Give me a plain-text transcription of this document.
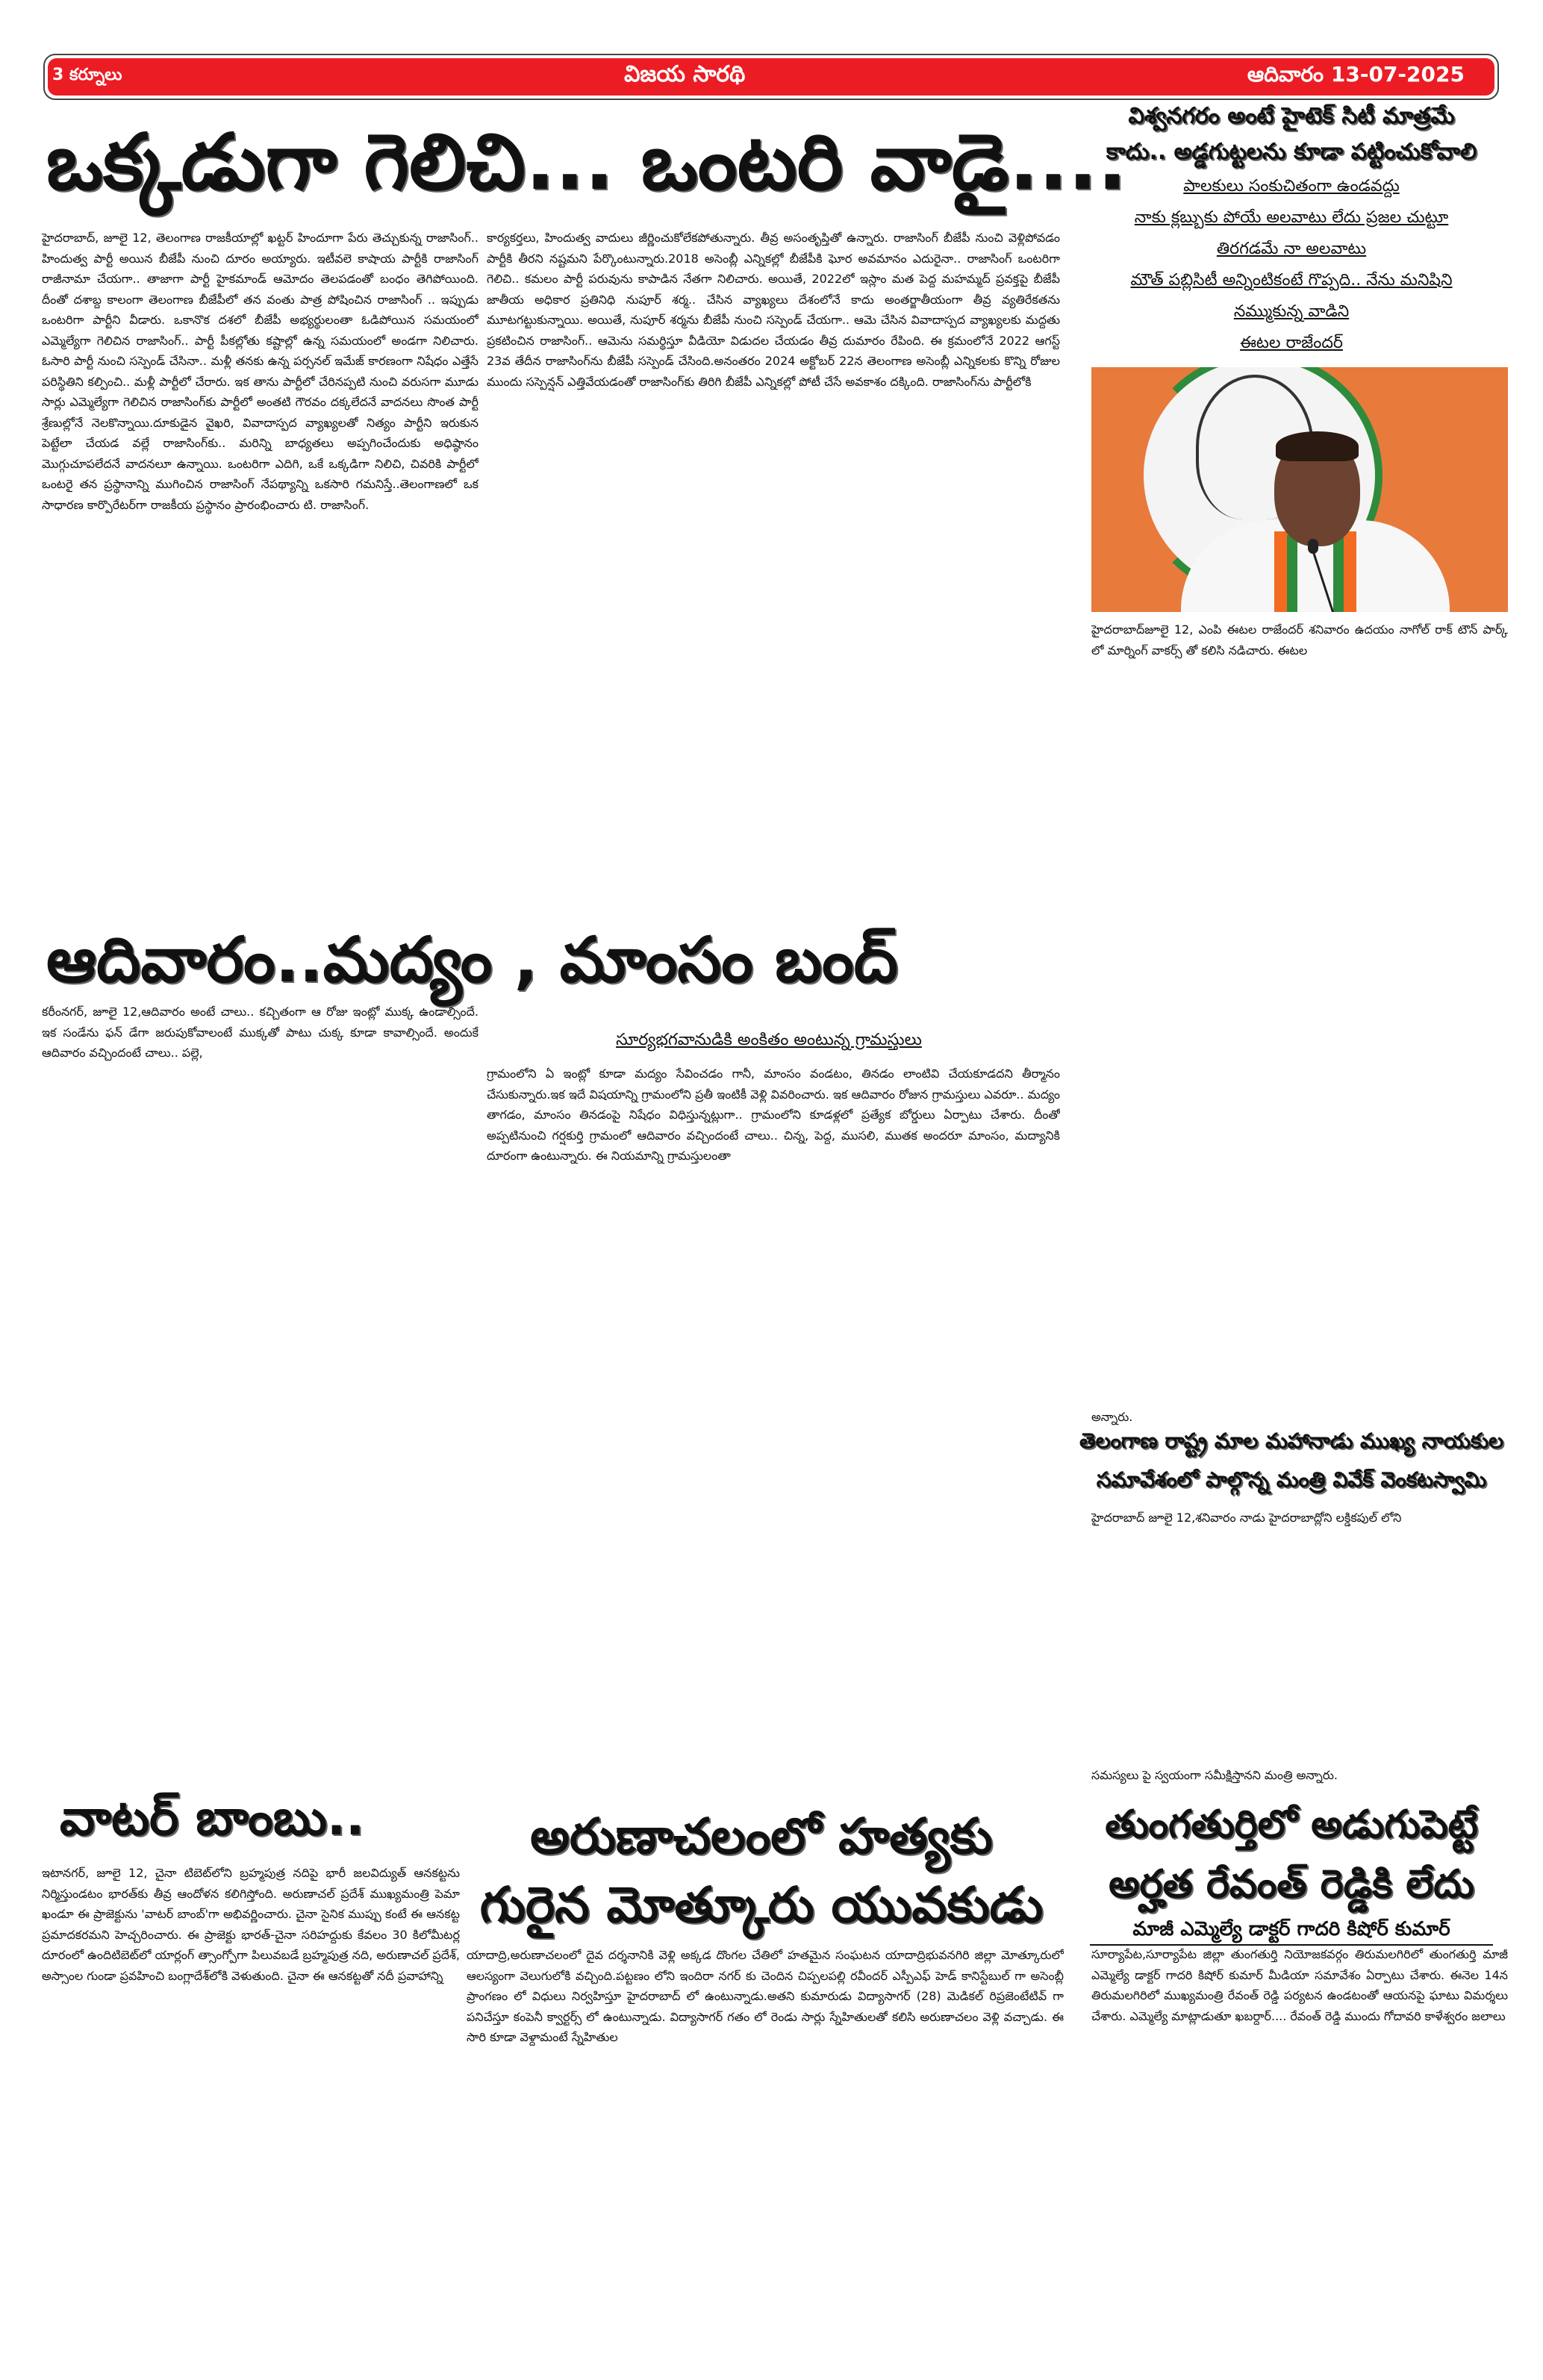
3 కర్నూలు	విజయ సారథి	ఆదివారం 13-07-2025
ఒక్కడుగా గెలిచి... ఒంటరి వాడై....

హైదరాబాద్, జూలై 12, తెలంగాణ రాజకీయాల్లో ఖట్టర్ హిందూగా పేరు తెచ్చుకున్న రాజాసింగ్.. హిందుత్వ పార్టీ అయిన బీజేపీ నుంచి దూరం అయ్యారు. ఇటీవలె కాషాయ పార్టీకి రాజాసింగ్ రాజీనామా చేయగా.. తాజాగా పార్టీ హైకమాండ్ ఆమోదం తెలపడంతో బంధం తెగిపోయింది. దీంతో దశాబ్ద కాలంగా తెలంగాణ బీజేపీలో తన వంతు పాత్ర పోషించిన రాజాసింగ్ .. ఇప్పుడు ఒంటరిగా పార్టీని వీడారు. ఒకానొక దశలో బీజేపీ అభ్యర్థులంతా ఓడిపోయిన సమయంలో ఎమ్మెల్యేగా గెలిచిన రాజాసింగ్.. పార్టీ పీకల్లోతు కష్టాల్లో ఉన్న సమయంలో అండగా నిలిచారు. ఓసారి పార్టీ నుంచి సస్పెండ్ చేసినా.. మళ్లీ తనకు ఉన్న పర్సనల్ ఇమేజ్ కారణంగా నిషేధం ఎత్తేసే పరిస్థితిని కల్పించి.. మళ్లీ పార్టీలో చేరారు. ఇక తాను పార్టీలో చేరినప్పటి నుంచి వరుసగా మూడు సార్లు ఎమ్మెల్యేగా గెలిచిన రాజాసింగ్‌కు పార్టీలో అంతటి గౌరవం దక్కలేదనే వాదనలు సొంత పార్టీ శ్రేణుల్లోనే నెలకొన్నాయి.దూకుడైన వైఖరి, వివాదాస్పద వ్యాఖ్యలతో నిత్యం పార్టీని ఇరుకున పెట్టేలా చేయడ వల్లే రాజాసింగ్‌కు.. మరిన్ని బాధ్యతలు అప్పగించేందుకు అధిష్ఠానం మొగ్గుచూపలేదనే వాదనలూ ఉన్నాయి. ఒంటరిగా ఎదిగి, ఒకే ఒక్కడిగా నిలిచి, చివరికి పార్టీలో ఒంటరై తన ప్రస్థానాన్ని ముగించిన రాజాసింగ్ నేపథ్యాన్ని ఒకసారి గమనిస్తే..తెలంగాణలో ఒక సాధారణ కార్పొరేటర్‌గా రాజకీయ ప్రస్థానం ప్రారంభించారు టి. రాజాసింగ్.

కార్యకర్తలు, హిందుత్వ వాదులు జీర్ణించుకోలేకపోతున్నారు. తీవ్ర అసంతృప్తితో ఉన్నారు. రాజాసింగ్ బీజేపీ నుంచి వెళ్లిపోవడం పార్టీకి తీరని నష్టమని పేర్కొంటున్నారు.2018 అసెంబ్లీ ఎన్నికల్లో బీజేపీకి ఘోర అవమానం ఎదురైనా.. రాజాసింగ్ ఒంటరిగా గెలిచి.. కమలం పార్టీ పరువును కాపాడిన నేతగా నిలిచారు. అయితే, 2022లో ఇస్లాం మత పెద్ద మహమ్మద్ ప్రవక్తపై బీజేపీ జాతీయ అధికార ప్రతినిధి నుపూర్ శర్మ.. చేసిన వ్యాఖ్యలు దేశంలోనే కాదు అంతర్జాతీయంగా తీవ్ర వ్యతిరేకతను మూటగట్టుకున్నాయి. అయితే, నుపూర్ శర్మను బీజేపీ నుంచి సస్పెండ్ చేయగా.. ఆమె చేసిన వివాదాస్పద వ్యాఖ్యలకు మద్దతు ప్రకటించిన రాజాసింగ్.. ఆమెను సమర్థిస్తూ వీడియో విడుదల చేయడం తీవ్ర దుమారం రేపింది. ఈ క్రమంలోనే 2022 ఆగస్ట్ 23వ తేదీన రాజాసింగ్‌ను బీజేపీ సస్పెండ్ చేసింది.అనంతరం 2024 అక్టోబర్ 22న తెలంగాణ అసెంబ్లీ ఎన్నికలకు కొన్ని రోజుల ముందు సస్పెన్షన్ ఎత్తివేయడంతో రాజాసింగ్‌కు తిరిగి బీజేపీ ఎన్నికల్లో పోటీ చేసే అవకాశం దక్కింది. రాజాసింగ్‌ను పార్టీలోకి

ఆదివారం..మద్యం , మాంసం బంద్

కరీంనగర్, జూలై 12,ఆదివారం అంటే చాలు.. కచ్చితంగా ఆ రోజు ఇంట్లో ముక్క ఉండాల్సిందే. ఇక సండేను ఫన్ డేగా జరుపుకోవాలంటే ముక్కతో పాటు చుక్క కూడా కావాల్సిందే. అందుకే ఆదివారం వచ్చిందంటే చాలు.. పల్లె,

సూర్యభగవానుడికి అంకితం అంటున్న గ్రామస్తులు

గ్రామంలోని ఏ ఇంట్లో కూడా మద్యం సేవించడం గానీ, మాంసం వండటం, తినడం లాంటివి చేయకూడదని తీర్మానం చేసుకున్నారు.ఇక ఇదే విషయాన్ని గ్రామంలోని ప్రతీ ఇంటికీ వెళ్లి వివరించారు. ఇక ఆదివారం రోజున గ్రామస్తులు ఎవరూ.. మద్యం తాగడం, మాంసం తినడంపై నిషేధం విధిస్తున్నట్లుగా.. గ్రామంలోని కూడళ్లలో ప్రత్యేక బోర్డులు ఏర్పాటు చేశారు. దీంతో అప్పటినుంచి గర్షకుర్తి గ్రామంలో ఆదివారం వచ్చిందంటే చాలు.. చిన్న, పెద్ద, ముసలి, ముతక అందరూ మాంసం, మద్యానికి దూరంగా ఉంటున్నారు. ఈ నియమాన్ని గ్రామస్తులంతా

వాటర్ బాంబు..

ఇటానగర్, జూలై 12, చైనా టిబెట్‌లోని బ్రహ్మపుత్ర నదిపై భారీ జలవిద్యుత్ ఆనకట్టను నిర్మిస్తుండటం భారత్‌కు తీవ్ర ఆందోళన కలిగిస్తోంది. అరుణాచల్ ప్రదేశ్ ముఖ్యమంత్రి పెమా ఖండూ ఈ ప్రాజెక్టును 'వాటర్ బాంబ్'గా అభివర్ణించారు. చైనా సైనిక ముప్పు కంటే ఈ ఆనకట్ట ప్రమాదకరమని హెచ్చరించారు. ఈ ప్రాజెక్టు భారత్-చైనా సరిహద్దుకు కేవలం 30 కిలోమీటర్ల దూరంలో ఉందిటిబెట్‌లో యార్లంగ్ త్సాంగ్పోగా పిలువబడే బ్రహ్మపుత్ర నది, అరుణాచల్ ప్రదేశ్, అస్సాంల గుండా ప్రవహించి బంగ్లాదేశ్‌లోకి వెళుతుంది. చైనా ఈ ఆనకట్టతో నదీ ప్రవాహాన్ని

అరుణాచలంలో హత్యకు
గురైన మోత్కూరు యువకుడు

యాదాద్రి,అరుణాచలంలో దైవ దర్శనానికి వెళ్లి అక్కడ దొంగల చేతిలో హతమైన సంఘటన యాదాద్రిభువనగిరి జిల్లా మోత్కూరులో ఆలస్యంగా వెలుగులోకి వచ్చింది.పట్టణం లోని ఇందిరా నగర్ కు చెందిన చిప్పలపల్లి రవీందర్ ఎస్పీఎఫ్ హెడ్ కానిస్టేబుల్ గా అసెంబ్లీ ప్రాంగణం లో విధులు నిర్వహిస్తూ హైదరాబాద్ లో ఉంటున్నాడు.అతని కుమారుడు విద్యాసాగర్ (28) మెడికల్ రిప్రజెంటేటివ్ గా పనిచేస్తూ కంపెనీ క్వార్టర్స్ లో ఉంటున్నాడు. విద్యాసాగర్ గతం లో రెండు సార్లు స్నేహితులతో కలిసి అరుణాచలం వెళ్లి వచ్చాడు. ఈ సారి కూడా వెళ్దామంటే స్నేహితుల

విశ్వనగరం అంటే హైటెక్ సిటీ మాత్రమే
కాదు.. అడ్డగుట్టలను కూడా పట్టించుకోవాలి
పాలకులు సంకుచితంగా ఉండవద్దు
నాకు క్లబ్బుకు పోయే అలవాటు లేదు ప్రజల చుట్టూ
తిరగడమే నా అలవాటు
మౌత్ పబ్లిసిటీ అన్నింటికంటే గొప్పది.. నేను మనిషిని
నమ్ముకున్న వాడిని
ఈటల రాజేందర్

హైదరాబాద్‌జూలై 12, ఎంపి ఈటల రాజేందర్ శనివారం ఉదయం నాగోల్ రాక్ టౌన్ పార్క్ లో మార్నింగ్ వాకర్స్ తో కలిసి నడిచారు. ఈటల

అన్నారు.

తెలంగాణ రాష్ట్ర మాల మహానాడు ముఖ్య నాయకుల
సమావేశంలో పాల్గొన్న మంత్రి వివేక్ వెంకటస్వామి

హైదరాబాద్ జూలై 12,శనివారం నాడు హైదరాబాద్లోని లక్డికపుల్ లోని

సమస్యలు పై స్వయంగా సమీక్షిస్తానని మంత్రి అన్నారు.

తుంగతుర్తిలో అడుగుపెట్టే
అర్హత రేవంత్ రెడ్డికి లేదు
మాజీ ఎమ్మెల్యే డాక్టర్ గాదరి కిషోర్ కుమార్

సూర్యాపేట,సూర్యాపేట జిల్లా తుంగతుర్తి నియోజకవర్గం తిరుమలగిరిలో తుంగతుర్తి మాజీ ఎమ్మెల్యే డాక్టర్ గాదరి కిషోర్ కుమార్ మీడియా సమావేశం ఏర్పాటు చేశారు. ఈనెల 14న తిరుమలగిరిలో ముఖ్యమంత్రి రేవంత్ రెడ్డి పర్యటన ఉండటంతో ఆయనపై ఘాటు విమర్శలు చేశారు. ఎమ్మెల్యే మాట్లాడుతూ ఖబర్దార్.... రేవంత్ రెడ్డి ముందు గోదావరి కాళేశ్వరం జలాలు
